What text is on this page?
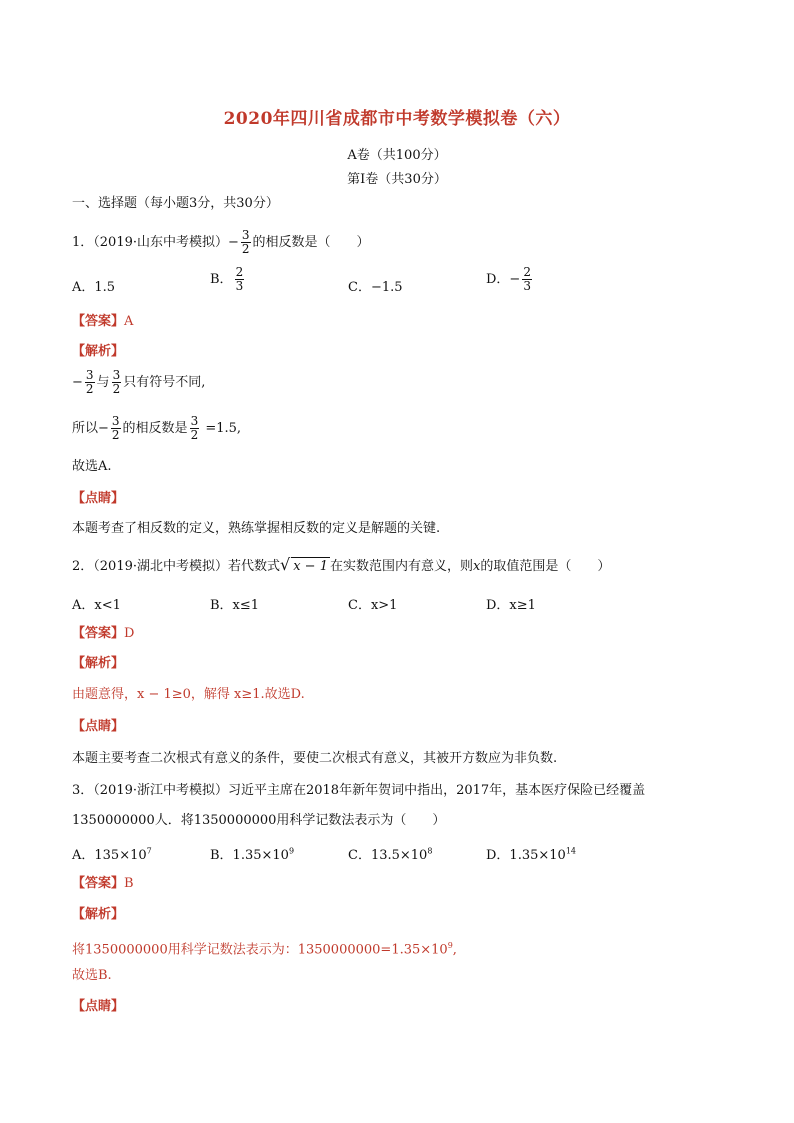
2020年四川省成都市中考数学模拟卷（六）
A卷（共100分）
第Ⅰ卷（共30分）
一、选择题（每小题3分，共30分）
1．（2019·山东中考模拟）− $\frac{3}{2}$ 的相反数是（　　）
A．1.5
B． $\frac{2}{3}$	C．−1.5
D．− $\frac{2}{3}$
【答案】A
【解析】
− $\frac{3}{2}$ 与 $\frac{3}{2}$ 只有符号不同,
所以− $\frac{3}{2}$ 的相反数是 $\frac{3}{2} =1.5$,
故选A.
【点睛】
本题考查了相反数的定义，熟练掌握相反数的定义是解题的关键.
2．（2019·湖北中考模拟）若代数式√ x − 1 在实数范围内有意义，则x的取值范围是（　　）
A．x<1	B．x≤1	C．x>1	D．x≥1
【答案】D
【解析】
由题意得，x − 1≥0，解得 x≥1.故选D.
【点睛】
本题主要考查二次根式有意义的条件，要使二次根式有意义，其被开方数应为非负数.
3．（2019·浙江中考模拟）习近平主席在2018年新年贺词中指出，2017年，基本医疗保险已经覆盖
1350000000人．将1350000000用科学记数法表示为（　　）
A．$135\times 10^7$	B．$1.35\times 10^9$	C．$13.5\times 10^8$	D．$1.35\times 10^{14}$
【答案】B
【解析】
将1350000000用科学记数法表示为：$1350000000=1.35\times 10^9$,
故选B.
【点睛】
